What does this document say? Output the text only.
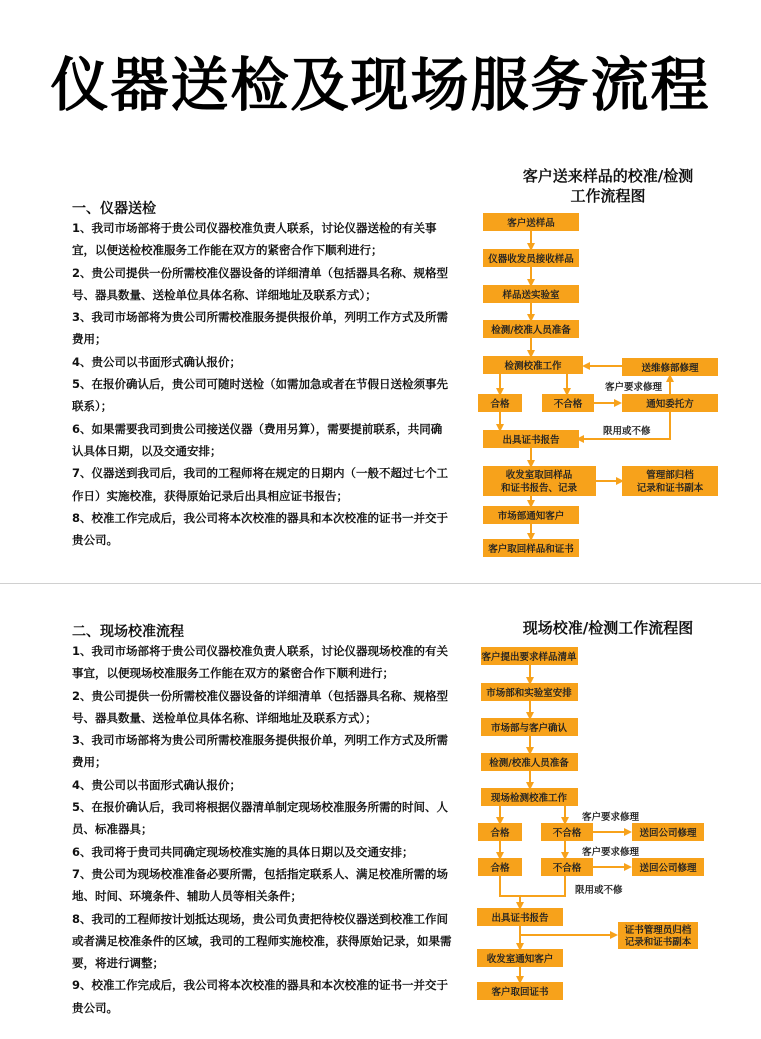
仪器送检及现场服务流程
一、仪器送检
1、我司市场部将于贵公司仪器校准负责人联系，讨论仪器送检的有关事宜，以便送检校准服务工作能在双方的紧密合作下顺利进行；
2、贵公司提供一份所需校准仪器设备的详细清单（包括器具名称、规格型号、器具数量、送检单位具体名称、详细地址及联系方式）；
3、我司市场部将为贵公司所需校准服务提供报价单，列明工作方式及所需费用；
4、贵公司以书面形式确认报价；
5、在报价确认后，贵公司可随时送检（如需加急或者在节假日送检须事先联系）；
6、如果需要我司到贵公司接送仪器（费用另算），需要提前联系，共同确认具体日期，以及交通安排；
7、仪器送到我司后，我司的工程师将在规定的日期内（一般不超过七个工作日）实施校准，获得原始记录后出具相应证书报告；
8、校准工作完成后，我公司将本次校准的器具和本次校准的证书一并交于贵公司。
客户送来样品的校准/检测
工作流程图
二、现场校准流程
1、我司市场部将于贵公司仪器校准负责人联系，讨论仪器现场校准的有关事宜，以便现场校准服务工作能在双方的紧密合作下顺利进行；
2、贵公司提供一份所需校准仪器设备的详细清单（包括器具名称、规格型号、器具数量、送检单位具体名称、详细地址及联系方式）；
3、我司市场部将为贵公司所需校准服务提供报价单，列明工作方式及所需费用；
4、贵公司以书面形式确认报价；
5、在报价确认后，我司将根据仪器清单制定现场校准服务所需的时间、人员、标准器具；
6、我司将于贵司共同确定现场校准实施的具体日期以及交通安排；
7、贵公司为现场校准准备必要所需，包括指定联系人、满足校准所需的场地、时间、环境条件、辅助人员等相关条件；
8、我司的工程师按计划抵达现场，贵公司负责把待校仪器送到校准工作间或者满足校准条件的区域，我司的工程师实施校准，获得原始记录，如果需要，将进行调整；
9、校准工作完成后，我公司将本次校准的器具和本次校准的证书一并交于贵公司。
现场校准/检测工作流程图
客户送样品
仪器收发员接收样品
样品送实验室
检测/校准人员准备
检测校准工作
合格	不合格	通知委托方
送维修部修理
出具证书报告
收发室取回样品
和证书报告、记录
管理部归档
记录和证书副本
市场部通知客户
客户取回样品和证书
客户要求修理
限用或不修
客户提出要求样品清单
市场部和实验室安排
市场部与客户确认
检测/校准人员准备
现场检测校准工作
合格	不合格	送回公司修理
合格	不合格	送回公司修理
出具证书报告
证书管理员归档
记录和证书副本
收发室通知客户
客户取回证书
客户要求修理
客户要求修理
限用或不修
